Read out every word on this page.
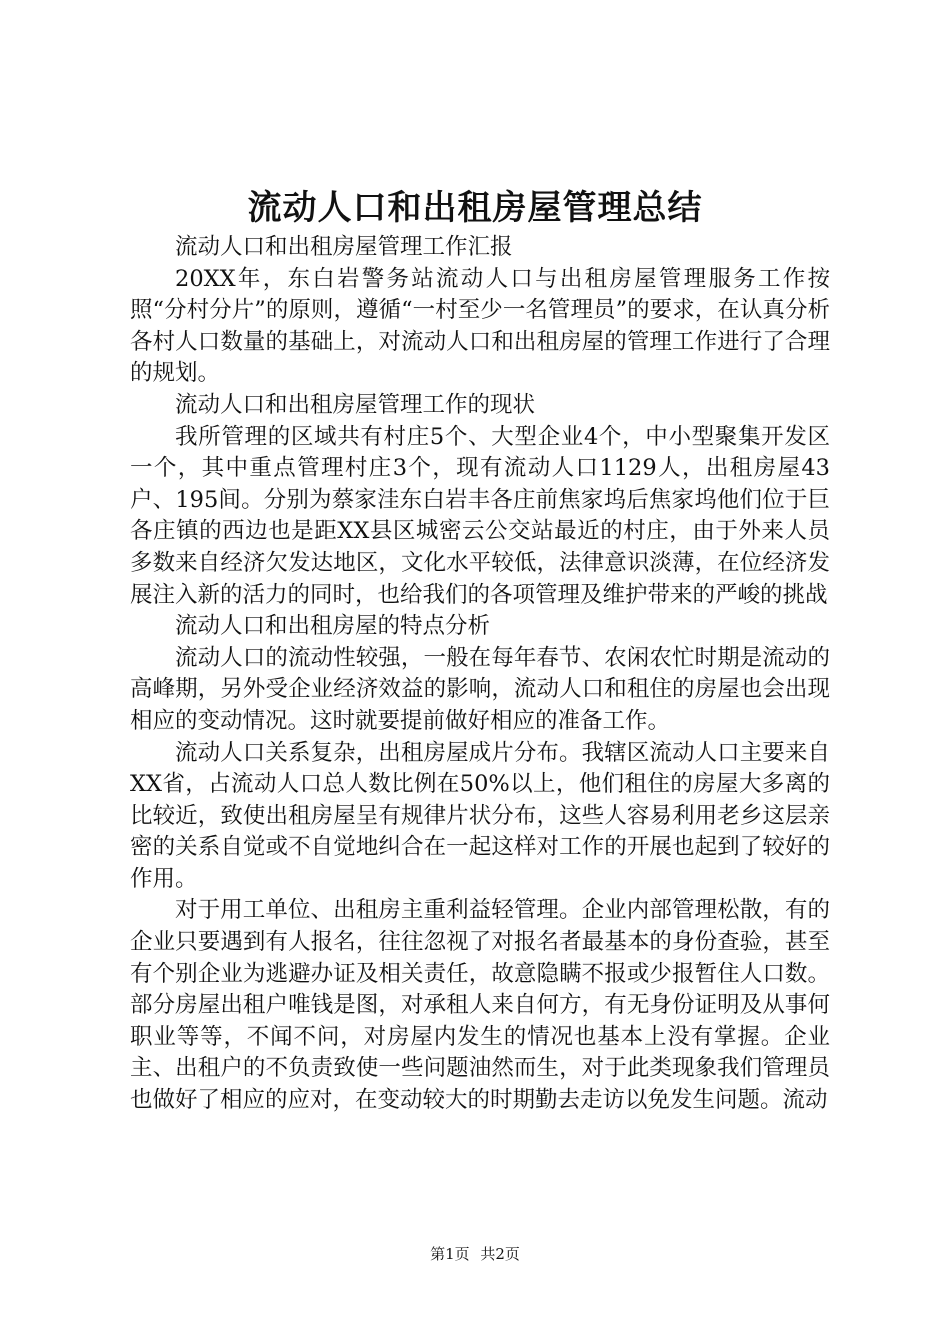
流动人口和出租房屋管理总结

流动人口和出租房屋管理工作汇报

20XX年，东白岩警务站流动人口与出租房屋管理服务工作按照“分村分片”的原则，遵循“一村至少一名管理员”的要求，在认真分析各村人口数量的基础上，对流动人口和出租房屋的管理工作进行了合理的规划。

流动人口和出租房屋管理工作的现状

我所管理的区域共有村庄5个、大型企业4个，中小型聚集开发区一个，其中重点管理村庄3个，现有流动人口1129人，出租房屋43户、195间。分别为蔡家洼东白岩丰各庄前焦家坞后焦家坞他们位于巨各庄镇的西边也是距XX县区城密云公交站最近的村庄，由于外来人员多数来自经济欠发达地区，文化水平较低，法律意识淡薄，在位经济发展注入新的活力的同时，也给我们的各项管理及维护带来的严峻的挑战

流动人口和出租房屋的特点分析

流动人口的流动性较强，一般在每年春节、农闲农忙时期是流动的高峰期，另外受企业经济效益的影响，流动人口和租住的房屋也会出现相应的变动情况。这时就要提前做好相应的准备工作。

流动人口关系复杂，出租房屋成片分布。我辖区流动人口主要来自XX省，占流动人口总人数比例在50%以上，他们租住的房屋大多离的比较近，致使出租房屋呈有规律片状分布，这些人容易利用老乡这层亲密的关系自觉或不自觉地纠合在一起这样对工作的开展也起到了较好的作用。

对于用工单位、出租房主重利益轻管理。企业内部管理松散，有的企业只要遇到有人报名，往往忽视了对报名者最基本的身份查验，甚至有个别企业为逃避办证及相关责任，故意隐瞒不报或少报暂住人口数。部分房屋出租户唯钱是图，对承租人来自何方，有无身份证明及从事何职业等等，不闻不问，对房屋内发生的情况也基本上没有掌握。企业主、出租户的不负责致使一些问题油然而生，对于此类现象我们管理员也做好了相应的应对，在变动较大的时期勤去走访以免发生问题。流动

第1页 共2页
